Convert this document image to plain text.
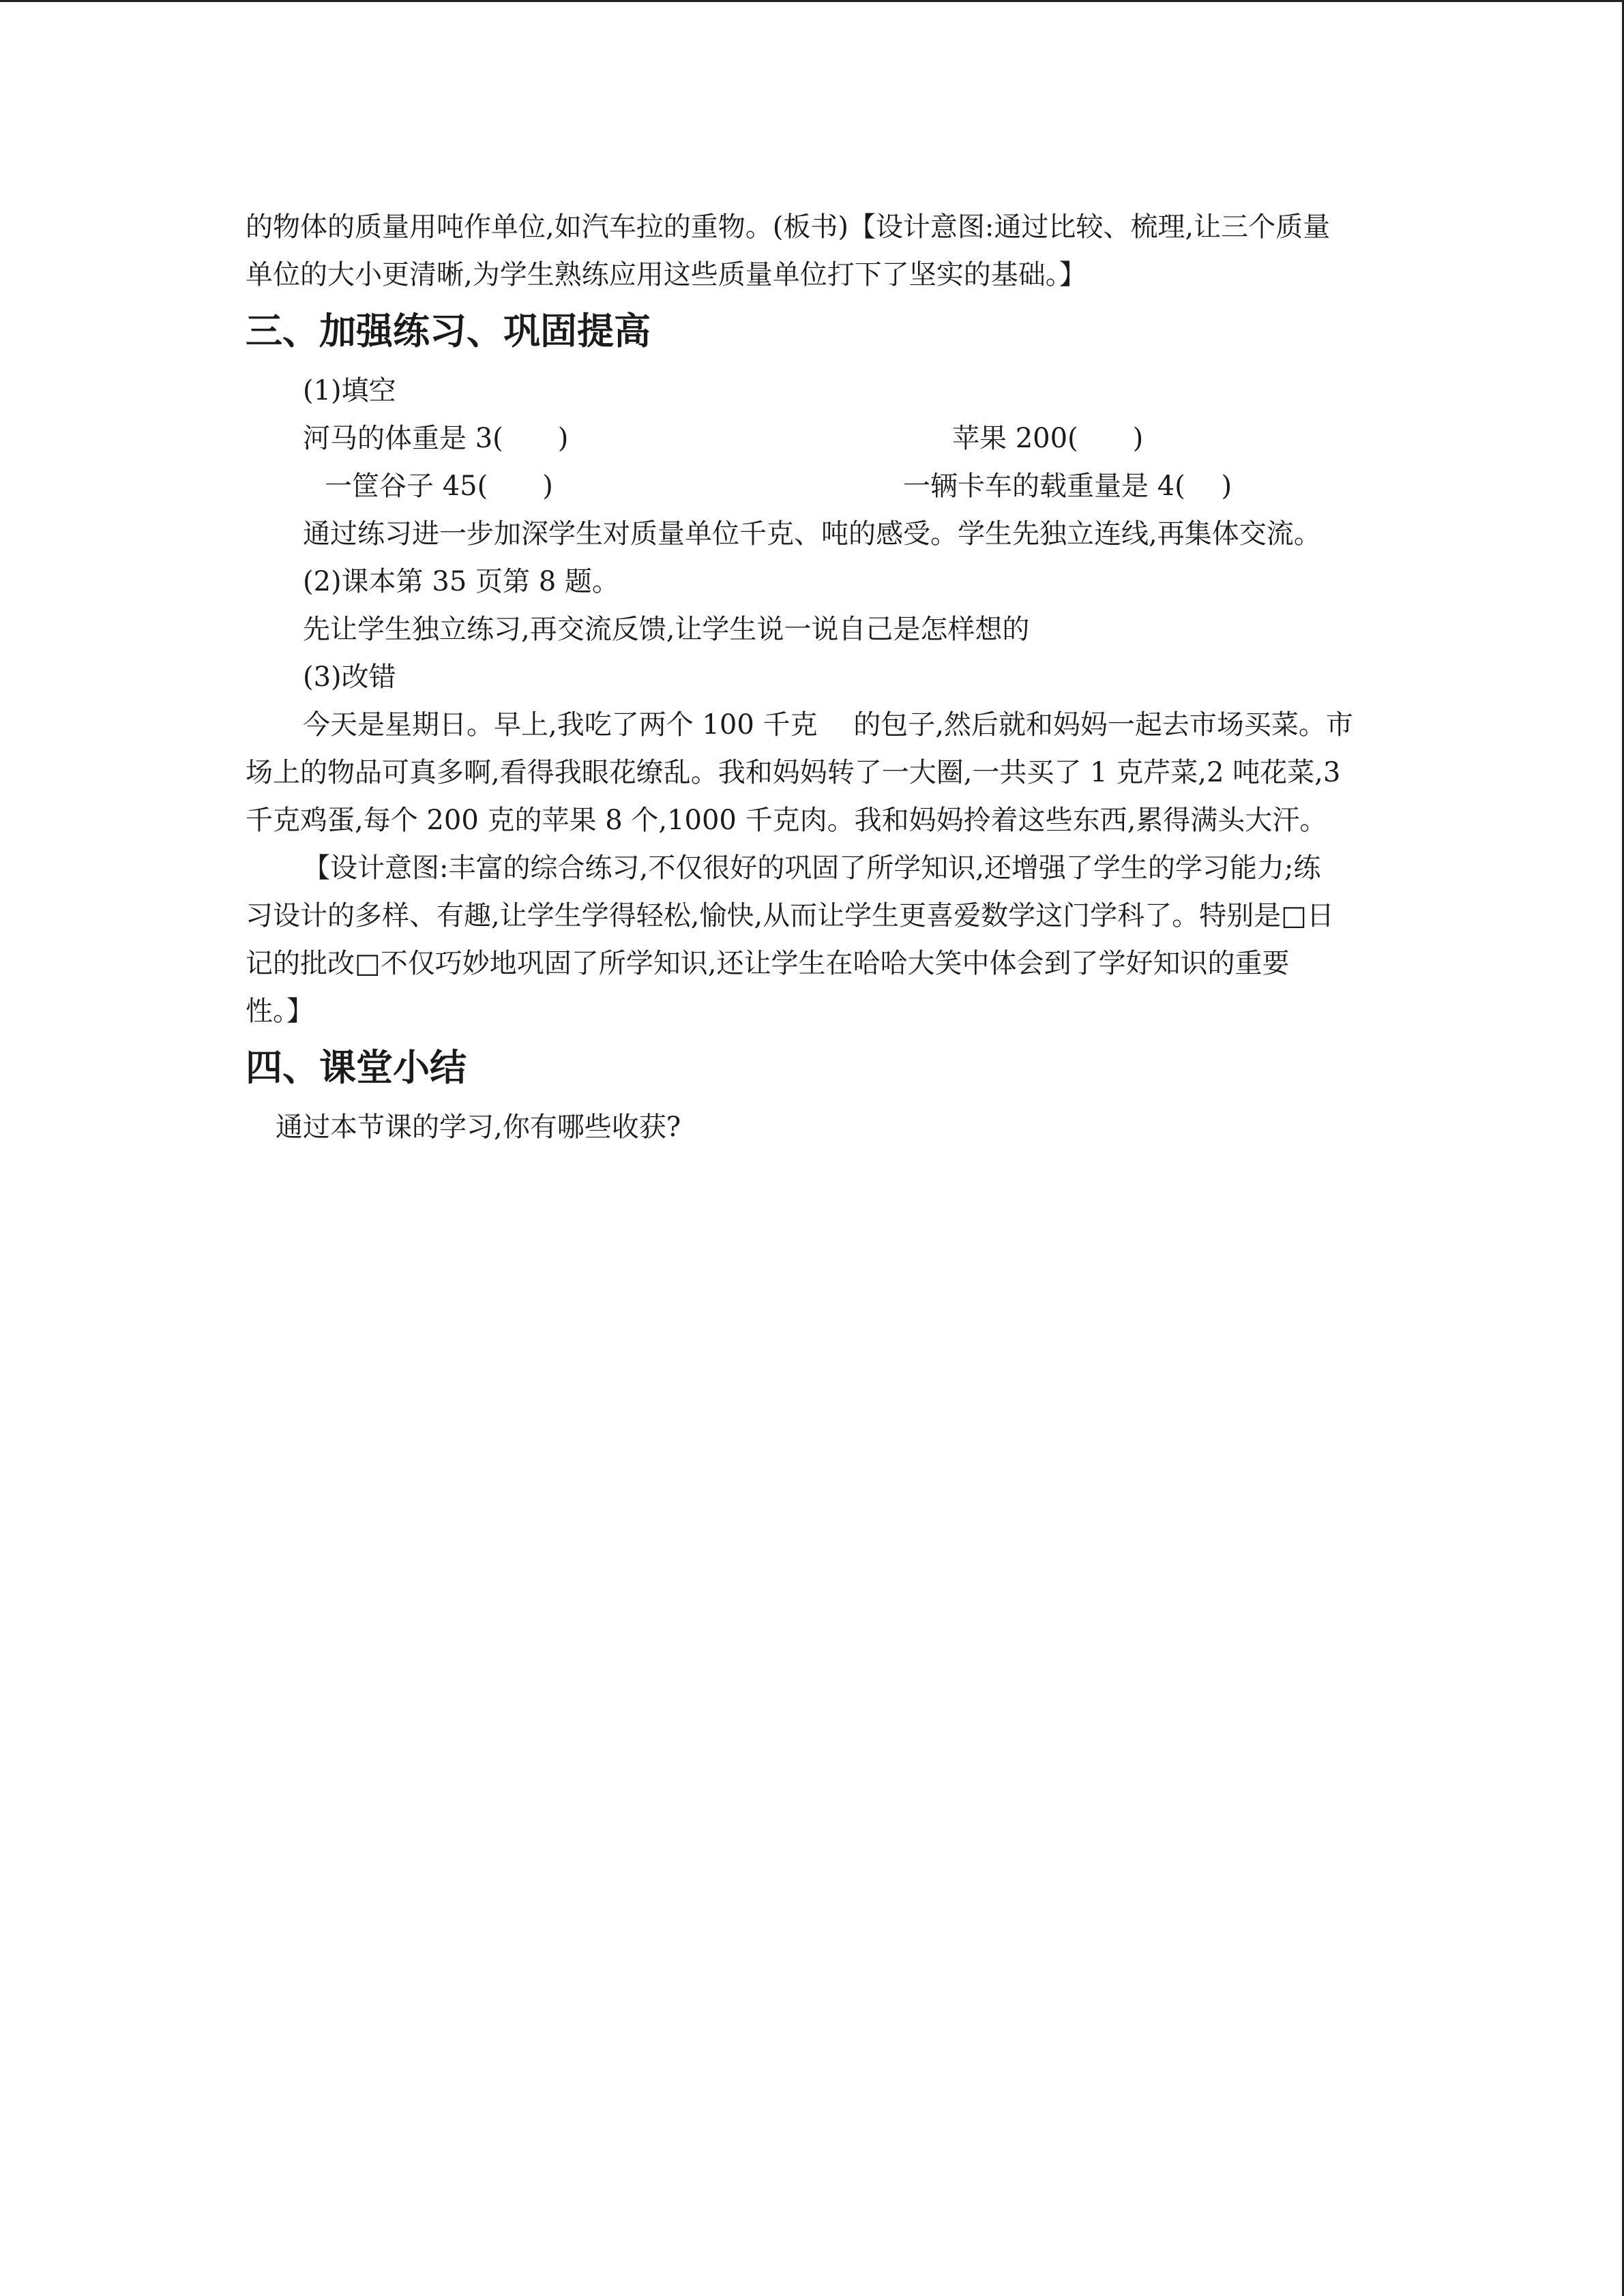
的物体的质量用吨作单位,如汽车拉的重物。(板书)【设计意图:通过比较、梳理,让三个质量

单位的大小更清晰,为学生熟练应用这些质量单位打下了坚实的基础。】

三、加强练习、巩固提高

(1)填空

河马的体重是 3(　　)	苹果 200(　　)
一筐谷子 45(　　)	一辆卡车的载重量是 4(　 )

通过练习进一步加深学生对质量单位千克、吨的感受。学生先独立连线,再集体交流。

(2)课本第 35 页第 8 题。

先让学生独立练习,再交流反馈,让学生说一说自己是怎样想的

(3)改错

今天是星期日。早上,我吃了两个 100 千克　 的包子,然后就和妈妈一起去市场买菜。市

场上的物品可真多啊,看得我眼花缭乱。我和妈妈转了一大圈,一共买了 1 克芹菜,2 吨花菜,3

千克鸡蛋,每个 200 克的苹果 8 个,1000 千克肉。我和妈妈拎着这些东西,累得满头大汗。

【设计意图:丰富的综合练习,不仅很好的巩固了所学知识,还增强了学生的学习能力;练

习设计的多样、有趣,让学生学得轻松,愉快,从而让学生更喜爱数学这门学科了。特别是□日

记的批改□不仅巧妙地巩固了所学知识,还让学生在哈哈大笑中体会到了学好知识的重要

性。】

四、课堂小结

通过本节课的学习,你有哪些收获?
